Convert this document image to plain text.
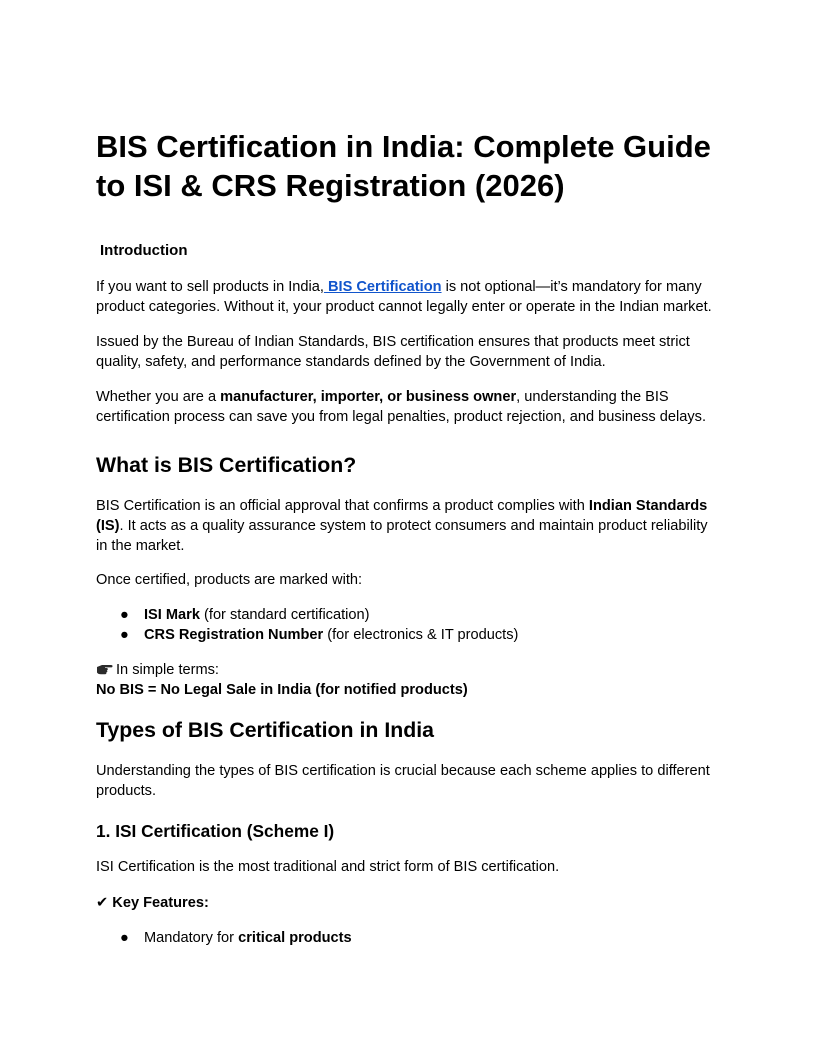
BIS Certification in India: Complete Guide
to ISI & CRS Registration (2026)
Introduction

If you want to sell products in India, BIS Certification is not optional—it’s mandatory for many product categories. Without it, your product cannot legally enter or operate in the Indian market.

Issued by the Bureau of Indian Standards, BIS certification ensures that products meet strict quality, safety, and performance standards defined by the Government of India.

Whether you are a manufacturer, importer, or business owner, understanding the BIS certification process can save you from legal penalties, product rejection, and business delays.

What is BIS Certification?

BIS Certification is an official approval that confirms a product complies with Indian Standards (IS). It acts as a quality assurance system to protect consumers and maintain product reliability in the market.

Once certified, products are marked with:

● ISI Mark (for standard certification)
● CRS Registration Number (for electronics & IT products)

In simple terms:
No BIS = No Legal Sale in India (for notified products)

Types of BIS Certification in India

Understanding the types of BIS certification is crucial because each scheme applies to different products.

1. ISI Certification (Scheme I)

ISI Certification is the most traditional and strict form of BIS certification.

✔ Key Features:

● Mandatory for critical products
